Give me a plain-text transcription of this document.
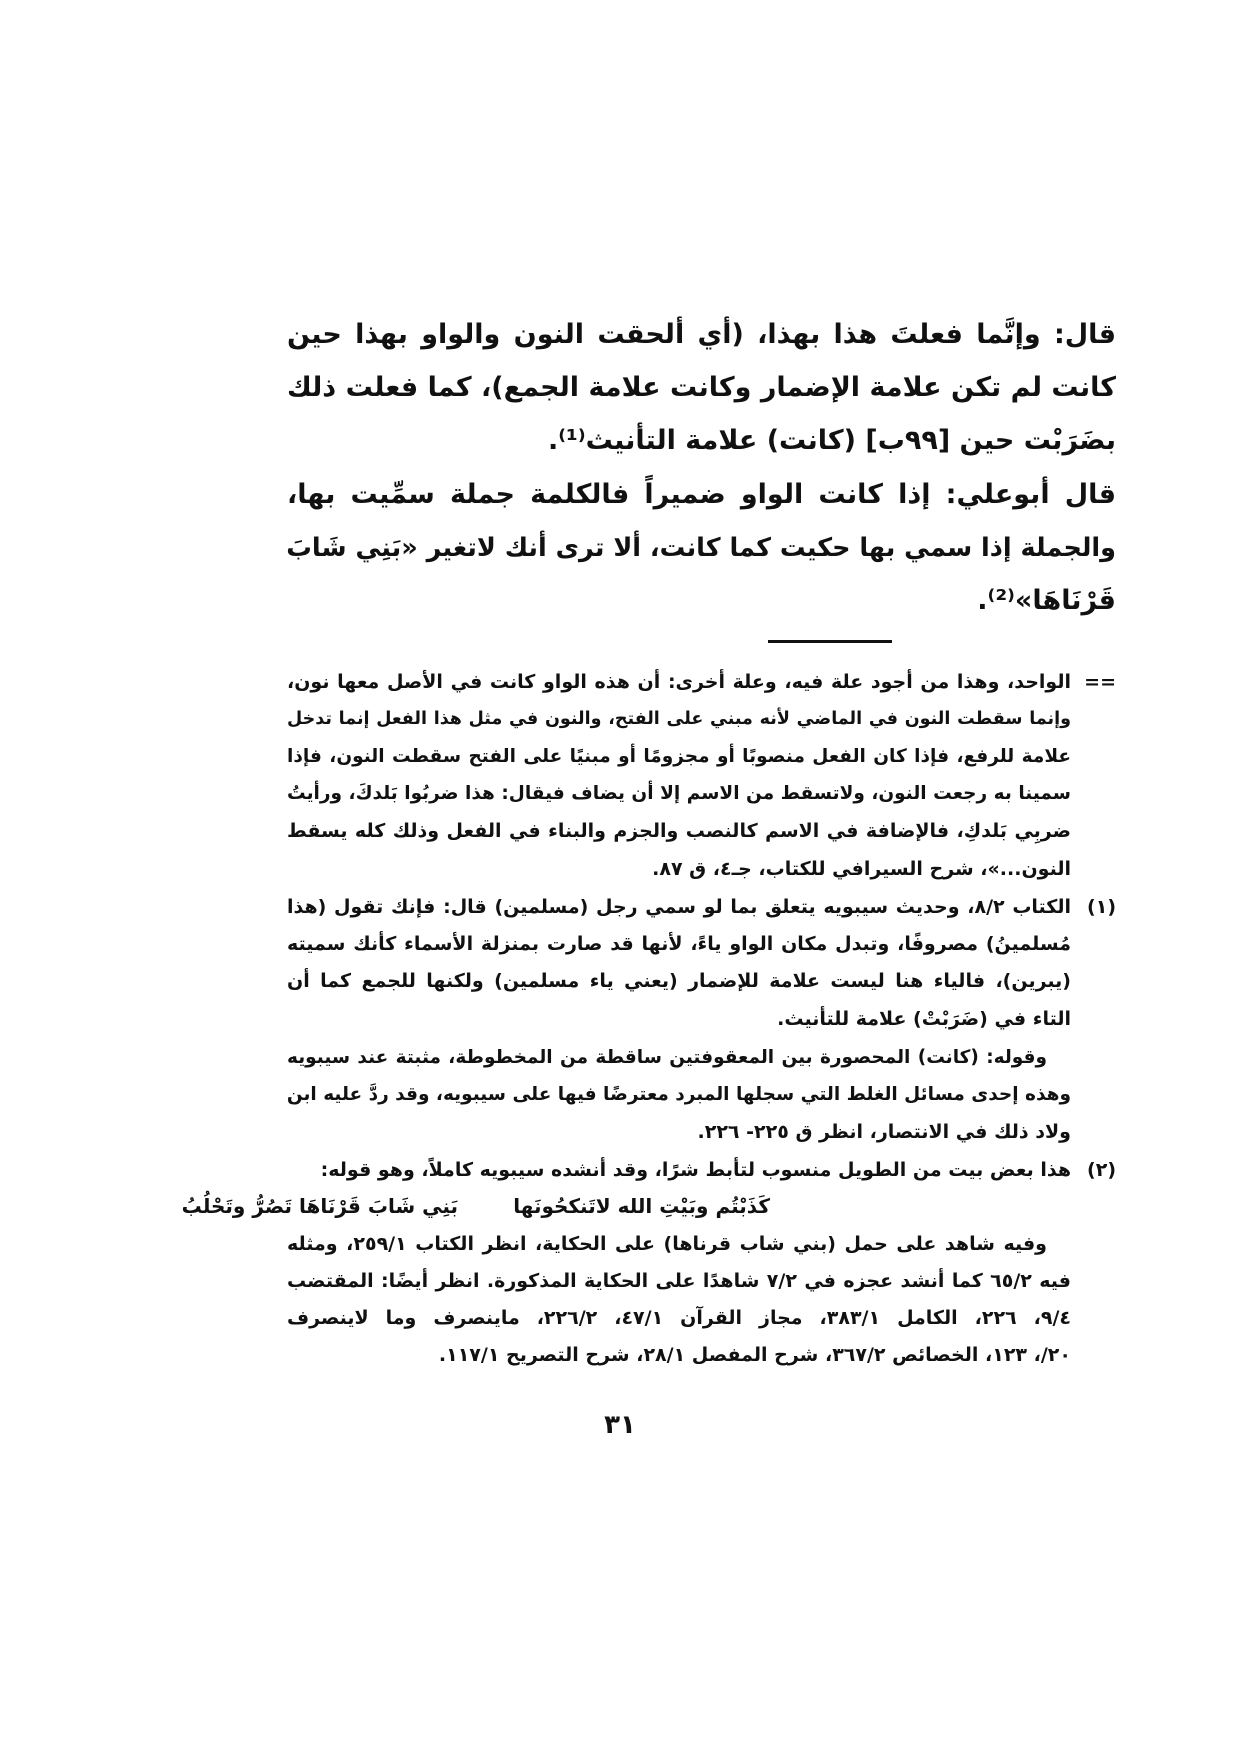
قال: وإنَّما فعلتَ هذا بهذا، (أي ألحقت النون والواو بهذا حين
كانت لم تكن علامة الإضمار وكانت علامة الجمع)، كما فعلت ذلك
بضَرَبْت حين [٩٩ب] (كانت) علامة التأنيث⁽¹⁾.
قال أبوعلي: إذا كانت الواو ضميراً فالكلمة جملة سمِّيت بها،
والجملة إذا سمي بها حكيت كما كانت، ألا ترى أنك لاتغير «بَنِي شَابَ
قَرْنَاهَا»⁽²⁾.
==
الواحد، وهذا من أجود علة فيه، وعلة أخرى: أن هذه الواو كانت في الأصل معها نون،
وإنما سقطت النون في الماضي لأنه مبني على الفتح، والنون في مثل هذا الفعل إنما تدخل
علامة للرفع، فإذا كان الفعل منصوبًا أو مجزومًا أو مبنيًا على الفتح سقطت النون، فإذا
سمينا به رجعت النون، ولاتسقط من الاسم إلا أن يضاف فيقال: هذا ضربُوا بَلدكَ، ورأيتُ
ضربِي بَلدكِ، فالإضافة في الاسم كالنصب والجزم والبناء في الفعل وذلك كله يسقط
النون...»، شرح السيرافي للكتاب، جـ٤، ق ٨٧.
(١)
الكتاب ٨/٢، وحديث سيبويه يتعلق بما لو سمي رجل (مسلمين) قال: فإنك تقول (هذا
مُسلمينُ) مصروفًا، وتبدل مكان الواو ياءً، لأنها قد صارت بمنزلة الأسماء كأنك سميته
(يبرين)، فالياء هنا ليست علامة للإضمار (يعني ياء مسلمين) ولكنها للجمع كما أن
التاء في (ضَرَبْتْ) علامة للتأنيث.
وقوله: (كانت) المحصورة بين المعقوفتين ساقطة من المخطوطة، مثبتة عند سيبويه
وهذه إحدى مسائل الغلط التي سجلها المبرد معترضًا فيها على سيبويه، وقد ردَّ عليه ابن
ولاد ذلك في الانتصار، انظر ق ٢٢٥- ٢٢٦.
(٢)
هذا بعض بيت من الطويل منسوب لتأبط شرًا، وقد أنشده سيبويه كاملاً، وهو قوله:
كَذَبْتُم وبَيْتِ الله لاتَنكحُونَها
بَنِي شَابَ قَرْنَاهَا تَصُرُّ وتَحْلُبُ
وفيه شاهد على حمل (بني شاب قرناها) على الحكاية، انظر الكتاب ٢٥٩/١، ومثله
فيه ٦٥/٢ كما أنشد عجزه في ٧/٢ شاهدًا على الحكاية المذكورة. انظر أيضًا: المقتضب
٩/٤، ٢٢٦، الكامل ٣٨٣/١، مجاز القرآن ٤٧/١، ٢٢٦/٢، ماينصرف وما لاينصرف
٢٠/، ١٢٣، الخصائص ٣٦٧/٢، شرح المفصل ٢٨/١، شرح التصريح ١١٧/١.
٣١
